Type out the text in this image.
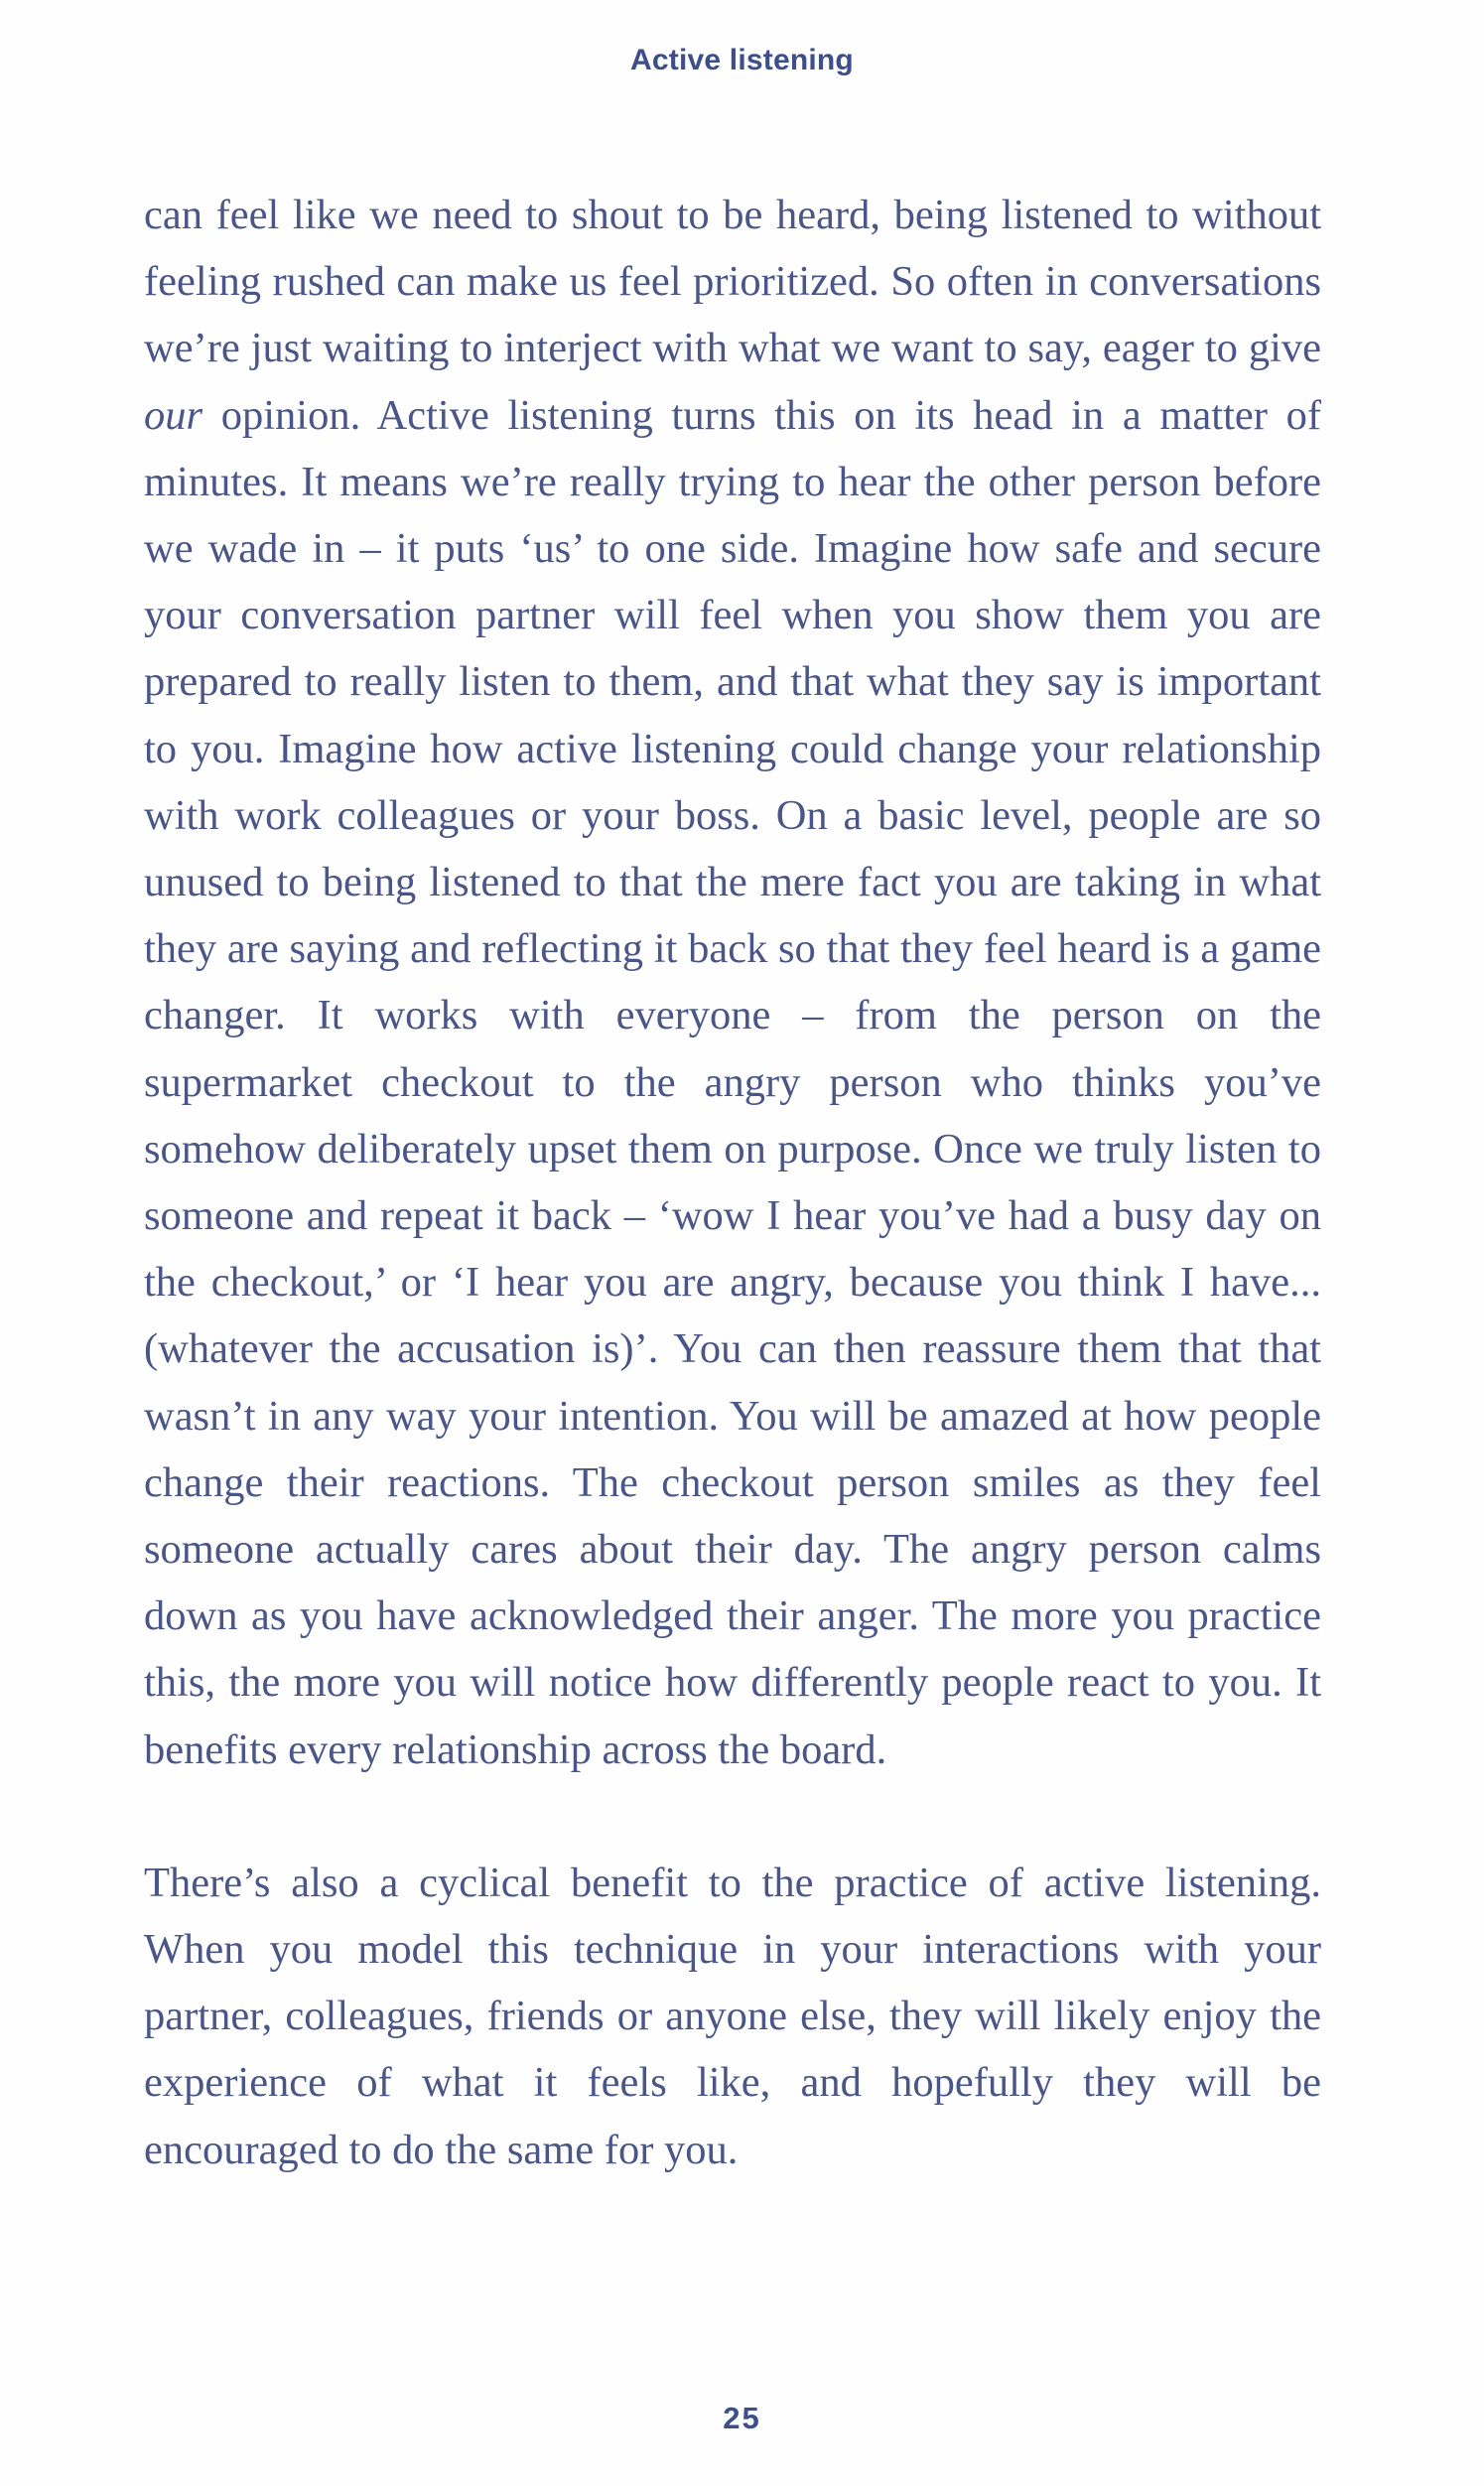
Active listening

can feel like we need to shout to be heard, being listened to without feeling rushed can make us feel prioritized. So often in conversations we’re just waiting to interject with what we want to say, eager to give our opinion. Active listening turns this on its head in a matter of minutes. It means we’re really trying to hear the other person before we wade in – it puts ‘us’ to one side. Imagine how safe and secure your conversation partner will feel when you show them you are prepared to really listen to them, and that what they say is important to you. Imagine how active listening could change your relationship with work colleagues or your boss. On a basic level, people are so unused to being listened to that the mere fact you are taking in what they are saying and reflecting it back so that they feel heard is a game changer. It works with everyone – from the person on the supermarket checkout to the angry person who thinks you’ve somehow deliberately upset them on purpose. Once we truly listen to someone and repeat it back – ‘wow I hear you’ve had a busy day on the checkout,’ or ‘I hear you are angry, because you think I have... (whatever the accusation is)’. You can then reassure them that that wasn’t in any way your intention. You will be amazed at how people change their reactions. The checkout person smiles as they feel someone actually cares about their day. The angry person calms down as you have acknowledged their anger. The more you practice this, the more you will notice how differently people react to you. It benefits every relationship across the board.

There’s also a cyclical benefit to the practice of active listening. When you model this technique in your interactions with your partner, colleagues, friends or anyone else, they will likely enjoy the experience of what it feels like, and hopefully they will be encouraged to do the same for you.

25
